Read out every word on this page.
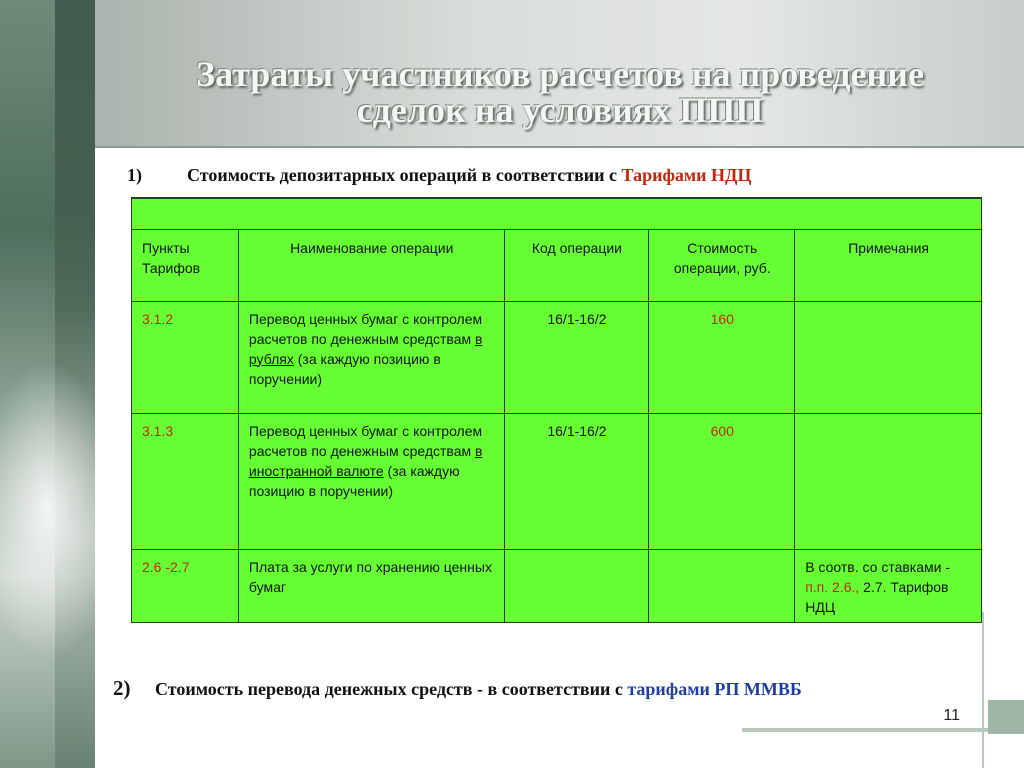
Затраты участников расчетов на проведение
сделок на условиях ППП
1)	Стоимость депозитарных операций в соответствии с Тарифами НДЦ

Пункты Тарифов	Наименование операции	Код операции	Стоимость операции, руб.	Примечания
3.1.2	Перевод ценных бумаг с контролем расчетов по денежным средствам в рублях (за каждую позицию в поручении)	16/1-16/2	160	
3.1.3	Перевод ценных бумаг с контролем расчетов по денежным средствам в иностранной валюте (за каждую позицию в поручении)	16/1-16/2	600	
2.6 -2.7	Плата за услуги по хранению ценных бумаг			В соотв. со ставками - п.п. 2.6., 2.7. Тарифов НДЦ
2) Стоимость перевода денежных средств - в соответствии с тарифами РП ММВБ
11
